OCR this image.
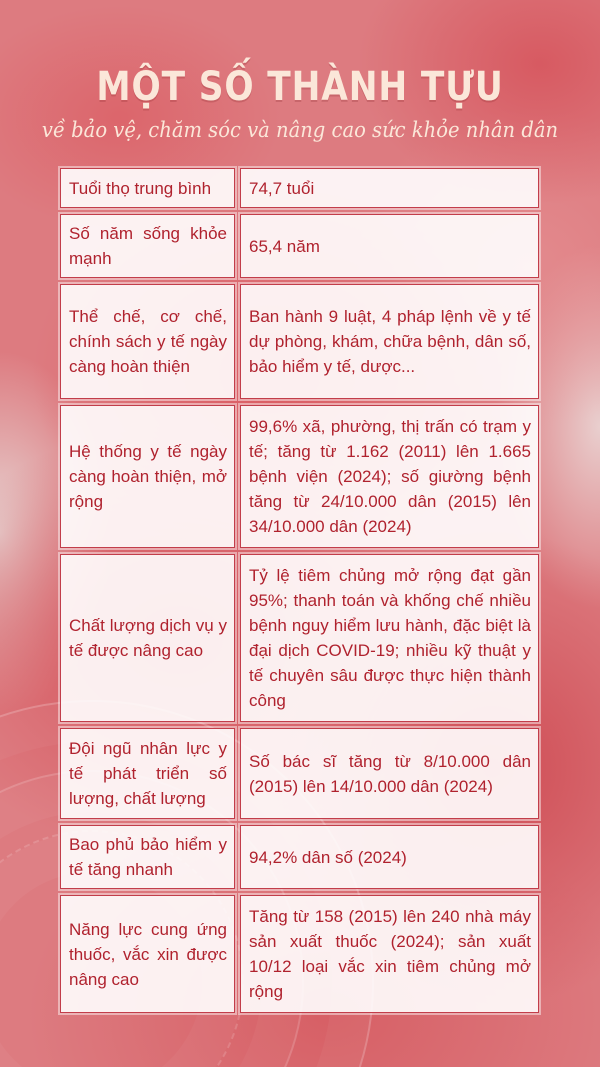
MỘT SỐ THÀNH TỰU
về bảo vệ, chăm sóc và nâng cao sức khỏe nhân dân
Tuổi thọ trung bình	74,7 tuổi
Số năm sống khỏe mạnh
65,4 năm
Thể chế, cơ chế, chính sách y tế ngày càng hoàn thiện
Ban hành 9 luật, 4 pháp lệnh về y tế dự phòng, khám, chữa bệnh, dân số, bảo hiểm y tế, dược...
Hệ thống y tế ngày càng hoàn thiện, mở rộng
99,6% xã, phường, thị trấn có trạm y tế; tăng từ 1.162 (2011) lên 1.665 bệnh viện (2024); số giường bệnh tăng từ 24/10.000 dân (2015) lên 34/10.000 dân (2024)
Chất lượng dịch vụ y tế được nâng cao
Tỷ lệ tiêm chủng mở rộng đạt gần 95%; thanh toán và khống chế nhiều bệnh nguy hiểm lưu hành, đặc biệt là đại dịch COVID-19; nhiều kỹ thuật y tế chuyên sâu được thực hiện thành công
Đội ngũ nhân lực y tế phát triển số lượng, chất lượng
Số bác sĩ tăng từ 8/10.000 dân (2015) lên 14/10.000 dân (2024)
Bao phủ bảo hiểm y tế tăng nhanh
94,2% dân số (2024)
Năng lực cung ứng thuốc, vắc xin được nâng cao
Tăng từ 158 (2015) lên 240 nhà máy sản xuất thuốc (2024); sản xuất 10/12 loại vắc xin tiêm chủng mở rộng
